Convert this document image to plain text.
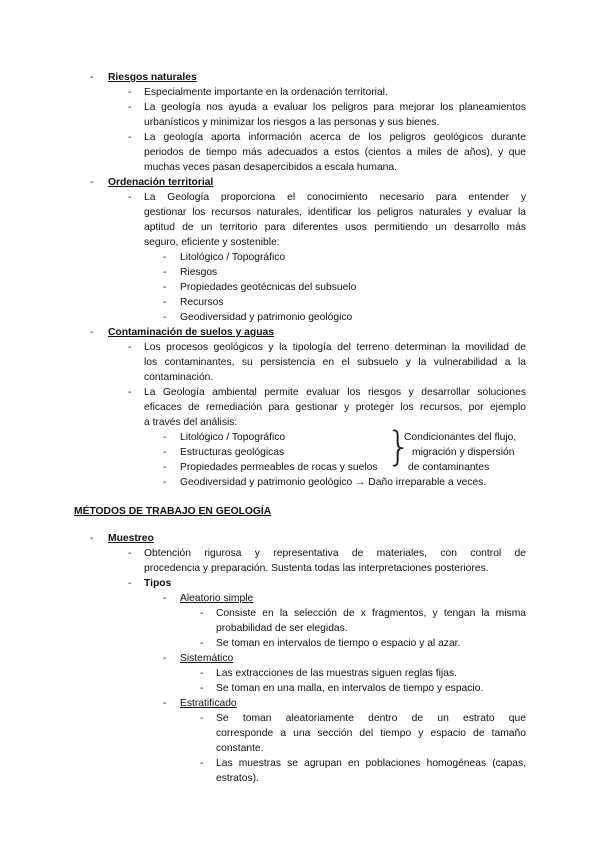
- Riesgos naturales
- Especialmente importante en la ordenación territorial.
- La geología nos ayuda a evaluar los peligros para mejorar los planeamientos
urbanísticos y minimizar los riesgos a las personas y sus bienes.
- La geología aporta información acerca de los peligros geológicos durante
periodos de tiempo más adecuados a estos (cientos a miles de años), y que
muchas veces pasan desapercibidos a escala humana.
- Ordenación territorial
- La Geología proporciona el conocimiento necesario para entender y
gestionar los recursos naturales, identificar los peligros naturales y evaluar la
aptitud de un territorio para diferentes usos permitiendo un desarrollo más
seguro, eficiente y sostenible:
- Litológico / Topográfico
- Riesgos
- Propiedades geotécnicas del subsuelo
- Recursos
- Geodiversidad y patrimonio geológico
- Contaminación de suelos y aguas
- Los procesos geológicos y la tipología del terreno determinan la movilidad de
los contaminantes, su persistencia en el subsuelo y la vulnerabilidad a la
contaminación.
- La Geología ambiental permite evaluar los riesgos y desarrollar soluciones
eficaces de remediación para gestionar y proteger los recursos, por ejemplo
a través del análisis:
- Litológico / Topográfico
- Estructuras geológicas
- Propiedades permeables de rocas y suelos
- Geodiversidad y patrimonio geológico → Daño irreparable a veces.
}
Condicionantes del flujo,
migración y dispersión
de contaminantes
MÉTODOS DE TRABAJO EN GEOLOGÍA
- Muestreo
- Obtención rigurosa y representativa de materiales, con control de
procedencia y preparación. Sustenta todas las interpretaciones posteriores.
- Tipos
- Aleatorio simple
- Consiste en la selección de x fragmentos, y tengan la misma
probabilidad de ser elegidas.
- Se toman en intervalos de tiempo o espacio y al azar.
- Sistemático
- Las extracciones de las muestras siguen reglas fijas.
- Se toman en una malla, en intervalos de tiempo y espacio.
- Estratificado
- Se toman aleatoriamente dentro de un estrato que
corresponde a una sección del tiempo y espacio de tamaño
constante.
- Las muestras se agrupan en poblaciones homogéneas (capas,
estratos).
